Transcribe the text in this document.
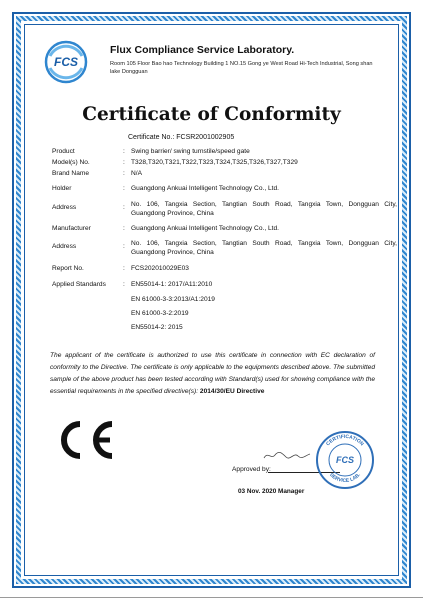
FCS
Flux Compliance Service Laboratory.
Room 105 Floor Bao hao Technology Building 1 NO.15 Gong ye West Road Hi-Tech Industrial, Song shan lake Dongguan
Certificate of Conformity
Certificate No.: FCSR2001002905
Product	: Swing barrier/ swing turnstile/speed gate
Model(s) No.	: T328,T320,T321,T322,T323,T324,T325,T326,T327,T329
Brand Name	: N/A
Holder	: Guangdong Ankuai Intelligent Technology Co., Ltd.
Address	: No. 106, Tangxia Section, Tangtian South Road, Tangxia Town, Dongguan City, Guangdong Province, China
Manufacturer	: Guangdong Ankuai Intelligent Technology Co., Ltd.
Address	: No. 106, Tangxia Section, Tangtian South Road, Tangxia Town, Dongguan City, Guangdong Province, China
Report No.	: FCS202010029E03
Applied Standards	: EN55014-1: 2017/A11:2010
EN 61000-3-3:2013/A1:2019
EN 61000-3-2:2019
EN55014-2: 2015
The applicant of the certificate is authorized to use this certificate in connection with EC declaration of conformity to the Directive. The certificate is only applicable to the equipments described above. The submitted sample of the above product has been tested according with Standard(s) used for showing compliance with the essential requirements in the specified directive(s): 2014/30/EU Directive
Approved by:
03 Nov. 2020 Manager
CERTIFICATION
SERVICE LAB.
FCS
